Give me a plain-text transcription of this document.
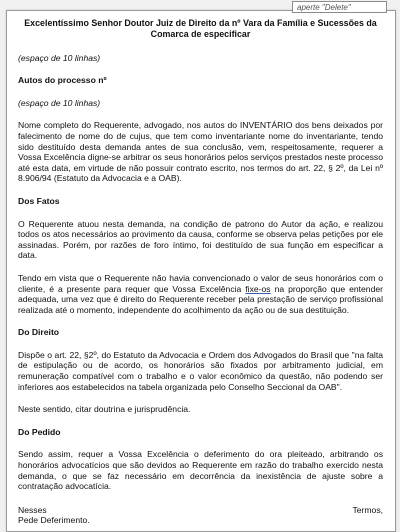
aperte "Delete"
Excelentíssimo Senhor Doutor Juiz de Direito da nº Vara da Família e Sucessões da Comarca de especificar

(espaço de 10 linhas)

Autos do processo nº

(espaço de 10 linhas)

Nome completo do Requerente, advogado, nos autos do INVENTÁRIO dos bens deixados por falecimento de nome do de cujus, que tem como inventariante nome do inventariante, tendo sido destituído desta demanda antes de sua conclusão, vem, respeitosamente, requerer a Vossa Excelência digne-se arbitrar os seus honorários pelos serviços prestados neste processo até esta data, em virtude de não possuir contrato escrito, nos termos do art. 22, § 2º, da Lei nº 8.906/94 (Estatuto da Advocacia e a OAB).

Dos Fatos

O Requerente atuou nesta demanda, na condição de patrono do Autor da ação, e realizou todos os atos necessários ao provimento da causa, conforme se observa pelas petições por ele assinadas. Porém, por razões de foro íntimo, foi destituído de sua função em especificar a data.

Tendo em vista que o Requerente não havia convencionado o valor de seus honorários com o cliente, é a presente para requer que Vossa Excelência fixe-os na proporção que entender adequada, uma vez que é direito do Requerente receber pela prestação de serviço profissional realizada até o momento, independente do acolhimento da ação ou de sua destituição.

Do Direito

Dispõe o art. 22, §2º, do Estatuto da Advocacia e Ordem dos Advogados do Brasil que "na falta de estipulação ou de acordo, os honorários são fixados por arbitramento judicial, em remuneração compatível com o trabalho e o valor econômico da questão, não podendo ser inferiores aos estabelecidos na tabela organizada pelo Conselho Seccional da OAB".

Neste sentido, citar doutrina e jurisprudência.

Do Pedido

Sendo assim, requer a Vossa Excelência o deferimento do ora pleiteado, arbitrando os honorários advocatícios que são devidos ao Requerente em razão do trabalho exercido nesta demanda, o que se faz necessário em decorrência da inexistência de ajuste sobre a contratação advocatícia.

Nesses	Termos,

Pede Deferimento.
